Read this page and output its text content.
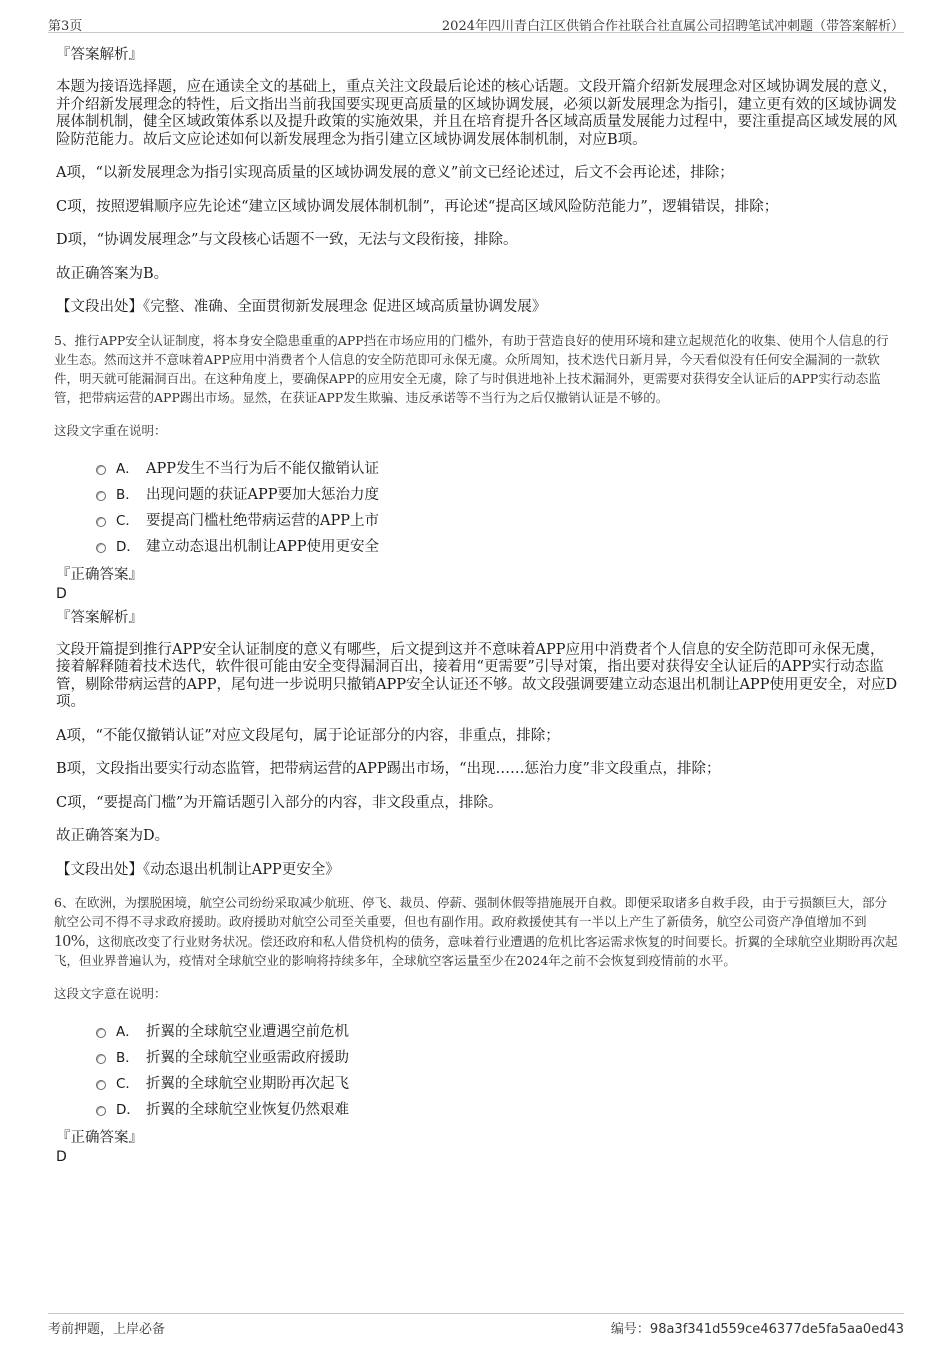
第3页	2024年四川青白江区供销合作社联合社直属公司招聘笔试冲刺题（带答案解析）
『答案解析』

本题为接语选择题，应在通读全文的基础上，重点关注文段最后论述的核心话题。文段开篇介绍新发展理念对区域协调发展的意义，并介绍新发展理念的特性，后文指出当前我国要实现更高质量的区域协调发展，必须以新发展理念为指引，建立更有效的区域协调发展体制机制，健全区域政策体系以及提升政策的实施效果，并且在培育提升各区域高质量发展能力过程中，要注重提高区域发展的风险防范能力。故后文应论述如何以新发展理念为指引建立区域协调发展体制机制，对应B项。

A项，“以新发展理念为指引实现高质量的区域协调发展的意义”前文已经论述过，后文不会再论述，排除；

C项，按照逻辑顺序应先论述“建立区域协调发展体制机制”，再论述“提高区域风险防范能力”，逻辑错误，排除；

D项，“协调发展理念”与文段核心话题不一致，无法与文段衔接，排除。

故正确答案为B。

【文段出处】《完整、准确、全面贯彻新发展理念 促进区域高质量协调发展》

5、推行APP安全认证制度，将本身安全隐患重重的APP挡在市场应用的门槛外，有助于营造良好的使用环境和建立起规范化的收集、使用个人信息的行业生态。然而这并不意味着APP应用中消费者个人信息的安全防范即可永保无虞。众所周知，技术迭代日新月异，今天看似没有任何安全漏洞的一款软件，明天就可能漏洞百出。在这种角度上，要确保APP的应用安全无虞，除了与时俱进地补上技术漏洞外，更需要对获得安全认证后的APP实行动态监管，把带病运营的APP踢出市场。显然，在获证APP发生欺骗、违反承诺等不当行为之后仅撤销认证是不够的。

这段文字重在说明：

A． APP发生不当行为后不能仅撤销认证
B． 出现问题的获证APP要加大惩治力度
C． 要提高门槛杜绝带病运营的APP上市
D． 建立动态退出机制让APP使用更安全
『正确答案』
D
『答案解析』

文段开篇提到推行APP安全认证制度的意义有哪些，后文提到这并不意味着APP应用中消费者个人信息的安全防范即可永保无虞，接着解释随着技术迭代，软件很可能由安全变得漏洞百出，接着用“更需要”引导对策，指出要对获得安全认证后的APP实行动态监管，剔除带病运营的APP，尾句进一步说明只撤销APP安全认证还不够。故文段强调要建立动态退出机制让APP使用更安全，对应D项。

A项，“不能仅撤销认证”对应文段尾句，属于论证部分的内容，非重点，排除；

B项，文段指出要实行动态监管，把带病运营的APP踢出市场，“出现……惩治力度”非文段重点，排除；

C项，“要提高门槛”为开篇话题引入部分的内容，非文段重点，排除。

故正确答案为D。

【文段出处】《动态退出机制让APP更安全》

6、在欧洲，为摆脱困境，航空公司纷纷采取减少航班、停飞、裁员、停薪、强制休假等措施展开自救。即便采取诸多自救手段，由于亏损额巨大，部分航空公司不得不寻求政府援助。政府援助对航空公司至关重要，但也有副作用。政府救援使其有一半以上产生了新债务，航空公司资产净值增加不到10%，这彻底改变了行业财务状况。偿还政府和私人借贷机构的债务，意味着行业遭遇的危机比客运需求恢复的时间要长。折翼的全球航空业期盼再次起飞，但业界普遍认为，疫情对全球航空业的影响将持续多年，全球航空客运量至少在2024年之前不会恢复到疫情前的水平。

这段文字意在说明：

A． 折翼的全球航空业遭遇空前危机
B． 折翼的全球航空业亟需政府援助
C． 折翼的全球航空业期盼再次起飞
D． 折翼的全球航空业恢复仍然艰难
『正确答案』
D
考前押题，上岸必备	编号：98a3f341d559ce46377de5fa5aa0ed43
